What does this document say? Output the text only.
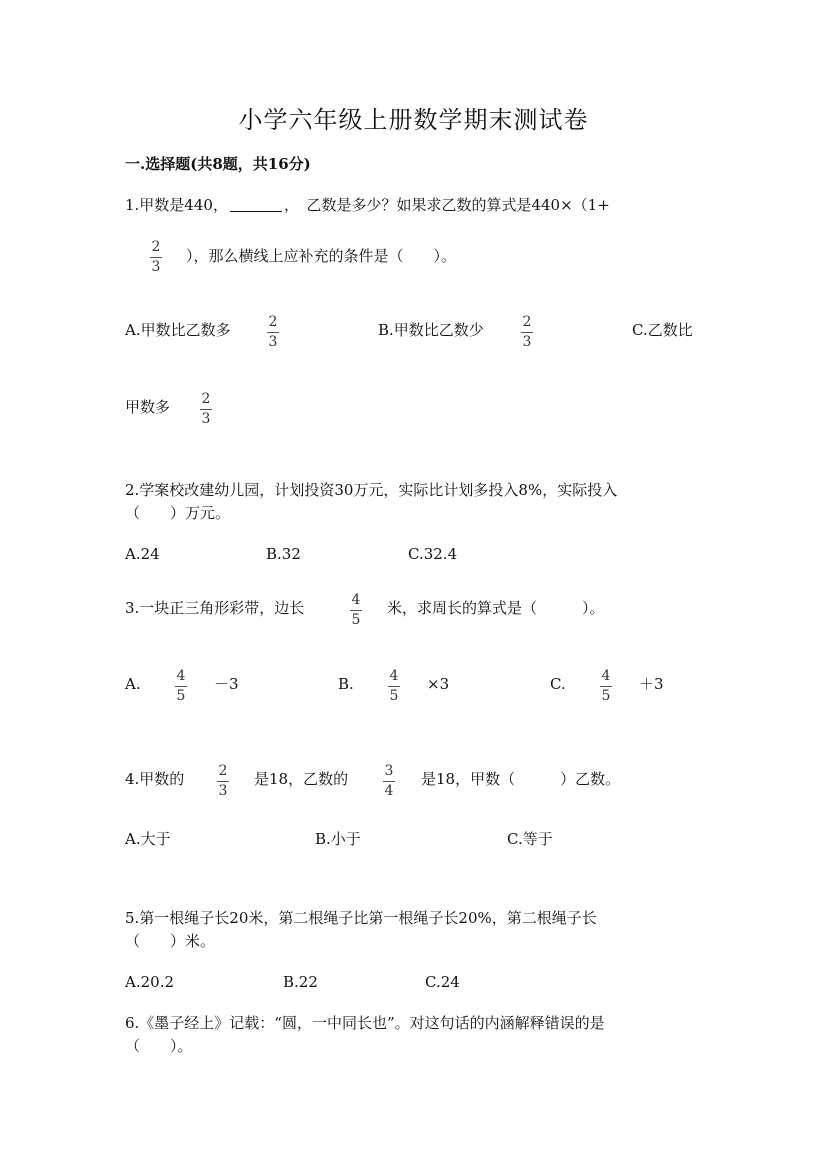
小学六年级上册数学期末测试卷
一.选择题(共8题，共16分)
1.甲数是440，	，　乙数是多少？如果求乙数的算式是440×（1+
2
3
），那么横线上应补充的条件是（　　）。
A.甲数比乙数多	2
3
B.甲数比乙数少	2
3
C.乙数比
甲数多 2
3
2.学案校改建幼儿园，计划投资30万元，实际比计划多投入8%，实际投入
（　　）万元。
A.24	B.32	C.32.4
3.一块正三角形彩带，边长	4
5
米，求周长的算式是（　　　）。
A.	4
5
－3	B.	4
5
×3	C.	4
5
＋3
4.甲数的 2
3
是18，乙数的	3
4
是18，甲数（　　　）乙数。
A.大于	B.小于	C.等于
5.第一根绳子长20米，第二根绳子比第一根绳子长20%，第二根绳子长
（　　）米。
A.20.2	B.22	C.24
6.《墨子经上》记载：“圆，一中同长也”。对这句话的内涵解释错误的是
（　　）。
